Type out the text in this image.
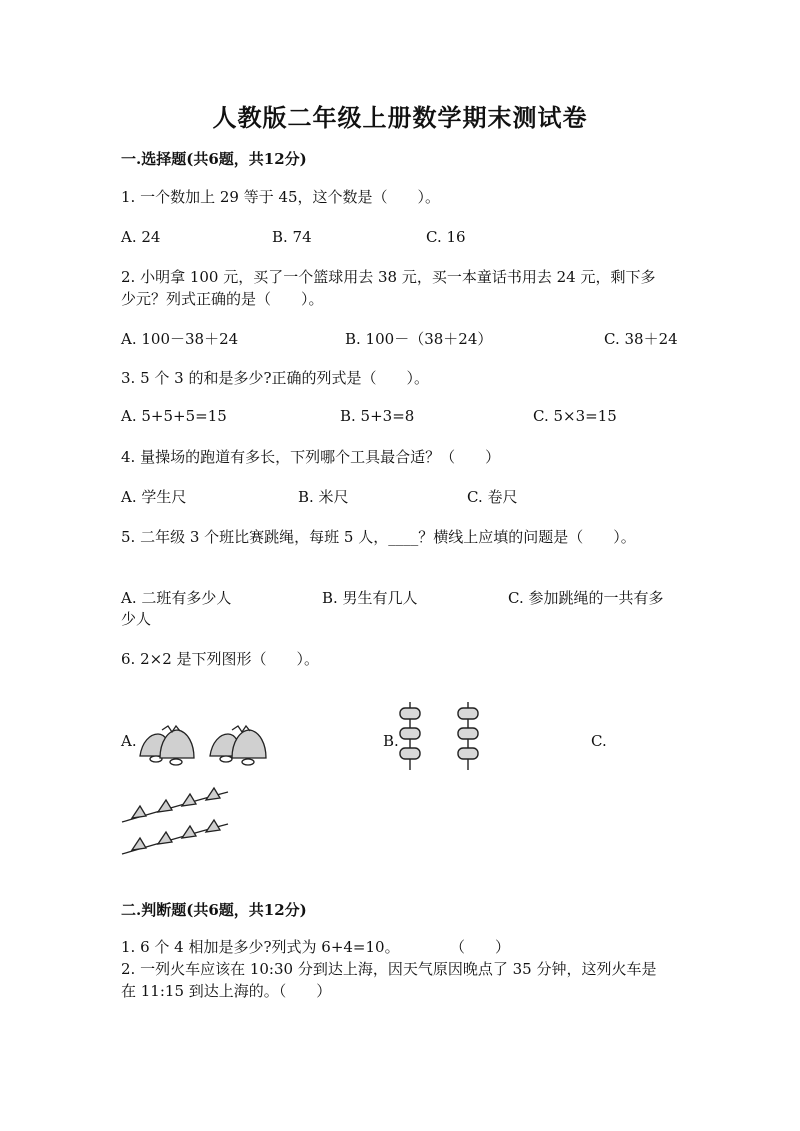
人教版二年级上册数学期末测试卷
一.选择题(共6题，共12分)
1. 一个数加上 29 等于 45，这个数是（　　）。
A. 24	B. 74	C. 16
2. 小明拿 100 元，买了一个篮球用去 38 元，买一本童话书用去 24 元，剩下多
少元？列式正确的是（　　）。
A. 100－38＋24	B. 100－（38＋24）	C. 38＋24
3. 5 个 3 的和是多少?正确的列式是（　　）。
A. 5+5+5=15	B. 5+3=8	C. 5×3=15
4. 量操场的跑道有多长，下列哪个工具最合适？（　　）
A. 学生尺	B. 米尺	C. 卷尺
5. 二年级 3 个班比赛跳绳，每班 5 人，____？横线上应填的问题是（　　）。
A. 二班有多少人	B. 男生有几人	C. 参加跳绳的一共有多
少人
6. 2×2 是下列图形（　　）。
A.	B.	C.
二.判断题(共6题，共12分)
1. 6 个 4 相加是多少?列式为 6+4=10。	（　　）
2. 一列火车应该在 10:30 分到达上海，因天气原因晚点了 35 分钟，这列火车是
在 11:15 到达上海的。（　　）
